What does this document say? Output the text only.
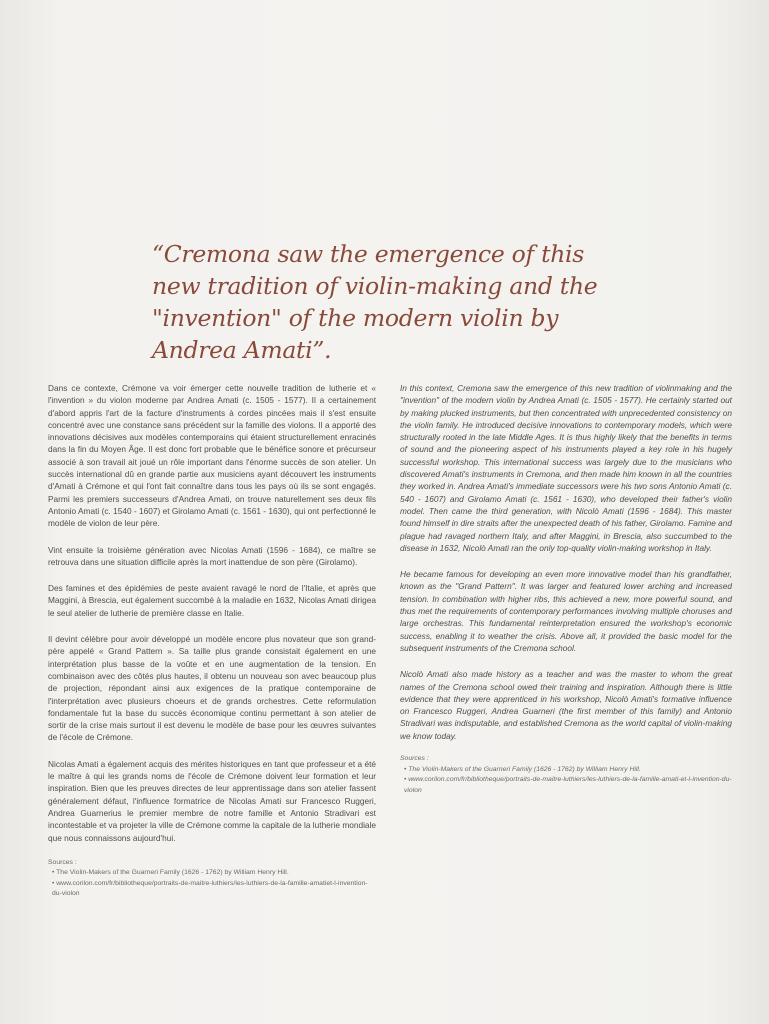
“Cremona saw the emergence of this new tradition of violin-making and the "invention" of the modern violin by Andrea Amati”.

Dans ce contexte, Crémone va voir émerger cette nouvelle tradition de lutherie et « l'invention » du violon moderne par Andrea Amati (c. 1505 - 1577). Il a certainement d'abord appris l'art de la facture d'instruments à cordes pincées mais il s'est ensuite concentré avec une constance sans précédent sur la famille des violons. Il a apporté des innovations décisives aux modèles contemporains qui étaient structurellement enracinés dans la fin du Moyen Âge. Il est donc fort probable que le bénéfice sonore et précurseur associé à son travail ait joué un rôle important dans l'énorme succès de son atelier. Un succès international dû en grande partie aux musiciens ayant découvert les instruments d'Amati à Crémone et qui l'ont fait connaître dans tous les pays où ils se sont engagés. Parmi les premiers successeurs d'Andrea Amati, on trouve naturellement ses deux fils Antonio Amati (c. 1540 - 1607) et Girolamo Amati (c. 1561 - 1630), qui ont perfectionné le modèle de violon de leur père.

Vint ensuite la troisième génération avec Nicolas Amati (1596 - 1684), ce maître se retrouva dans une situation difficile après la mort inattendue de son père (Girolamo).

Des famines et des épidémies de peste avaient ravagé le nord de l'Italie, et après que Maggini, à Brescia, eut également succombé à la maladie en 1632, Nicolas Amati dirigea le seul atelier de lutherie de première classe en Italie.

Il devint célèbre pour avoir développé un modèle encore plus novateur que son grand-père appelé « Grand Pattern ». Sa taille plus grande consistait également en une interprétation plus basse de la voûte et en une augmentation de la tension. En combinaison avec des côtés plus hautes, il obtenu un nouveau son avec beaucoup plus de projection, répondant ainsi aux exigences de la pratique contemporaine de l'interprétation avec plusieurs choeurs et de grands orchestres. Cette reformulation fondamentale fut la base du succès économique continu permettant à son atelier de sortir de la crise mais surtout il est devenu le modèle de base pour les œuvres suivantes de l'école de Crémone.

Nicolas Amati a également acquis des mérites historiques en tant que professeur et a été le maître à qui les grands noms de l'école de Crémone doivent leur formation et leur inspiration. Bien que les preuves directes de leur apprentissage dans son atelier fassent généralement défaut, l'influence formatrice de Nicolas Amati sur Francesco Ruggeri, Andrea Guarnerius le premier membre de notre famille et Antonio Stradivari est incontestable et va projeter la ville de Crémone comme la capitale de la lutherie mondiale que nous connaissons aujourd'hui.

Sources :
• The Violin-Makers of the Guarneri Family (1626 - 1762) by William Henry Hill.
• www.corilon.com/fr/bibliotheque/portraits-de-maitre-luthiers/les-luthiers-de-la-famille-amatiet-l-invention-du-violon

In this context, Cremona saw the emergence of this new tradition of violinmaking and the "invention" of the modern violin by Andrea Amati (c. 1505 - 1577). He certainly started out by making plucked instruments, but then concentrated with unprecedented consistency on the violin family. He introduced decisive innovations to contemporary models, which were structurally rooted in the late Middle Ages. It is thus highly likely that the benefits in terms of sound and the pioneering aspect of his instruments played a key role in his hugely successful workshop. This international success was largely due to the musicians who discovered Amati's instruments in Cremona, and then made him known in all the countries they worked in. Andrea Amati's immediate successors were his two sons Antonio Amati (c. 540 - 1607) and Girolamo Amati (c. 1561 - 1630), who developed their father's violin model. Then came the third generation, with Nicolò Amati (1596 - 1684). This master found himself in dire straits after the unexpected death of his father, Girolamo. Famine and plague had ravaged northern Italy, and after Maggini, in Brescia, also succumbed to the disease in 1632, Nicolò Amati ran the only top-quality violin-making workshop in Italy.

He became famous for developing an even more innovative model than his grandfather, known as the "Grand Pattern". It was larger and featured lower arching and increased tension. In combination with higher ribs, this achieved a new, more powerful sound, and thus met the requirements of contemporary performances involving multiple choruses and large orchestras. This fundamental reinterpretation ensured the workshop's economic success, enabling it to weather the crisis. Above all, it provided the basic model for the subsequent instruments of the Cremona school.

Nicolò Amati also made history as a teacher and was the master to whom the great names of the Cremona school owed their training and inspiration. Although there is little evidence that they were apprenticed in his workshop, Nicolò Amati's formative influence on Francesco Ruggeri, Andrea Guarneri (the first member of this family) and Antonio Stradivari was indisputable, and established Cremona as the world capital of violin-making we know today.

Sources :
• The Violin-Makers of the Guarneri Family (1626 - 1762) by William Henry Hill.
• www.corilon.com/fr/bibliotheque/portraits-de-maitre-luthiers/les-luthiers-de-la-famille-amati-et-l-invention-du-violon
